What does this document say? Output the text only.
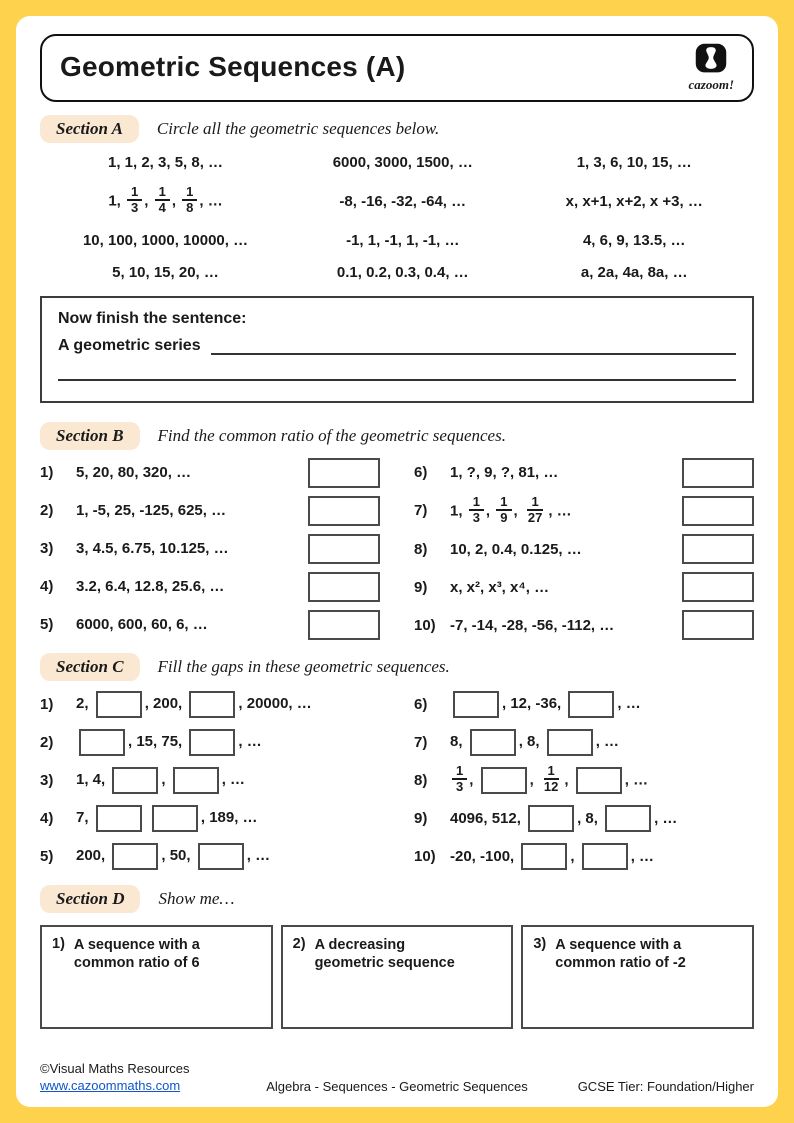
Geometric Sequences (A)
cazoom!
Section A	Circle all the geometric sequences below.
1, 1, 2, 3, 5, 8, …	6000, 3000, 1500, …	1, 3, 6, 10, 15, …
1, $\frac{1}{3}$ , $\frac{1}{4}$ , $\frac{1}{8}$ , …	-8, -16, -32, -64, …	x, x+1, x+2, x +3, …
10, 100, 1000, 10000, …	-1, 1, -1, 1, -1, …	4, 6, 9, 13.5, …
5, 10, 15, 20, …	0.1, 0.2, 0.3, 0.4, …	a, 2a, 4a, 8a, …
Now finish the sentence:
A geometric series
Section B	Find the common ratio of the geometric sequences.
1)	5, 20, 80, 320, …
2)	1, -5, 25, -125, 625, …
3)	3, 4.5, 6.75, 10.125, …
4)	3.2, 6.4, 12.8, 25.6, …
5)	6000, 600, 60, 6, …
6)	1, ?, 9, ?, 81, …
7)	1, $\frac{1}{3}$ , $\frac{1}{9}$ , $\frac{1}{27}$ , …
8)	10, 2, 0.4, 0.125, …
9)	x, x², x³, x⁴, …
10) -7, -14, -28, -56, -112, …
Section C	Fill the gaps in these geometric sequences.
1)	2,	, 200,	, 20000, …
2)	, 15, 75,	, …
3)	1, 4,	,	, …
4)	7,	, 189, …
5)	200,	, 50,	, …
6)	, 12, -36,	, …
7)	8,	, 8,	, …
8)	$\frac{1}{3}$ ,	, $\frac{1}{12}$ ,	, …
9)	4096, 512,	, 8,	, …
10) -20, -100,	,	, …
Section D	Show me…
1) A sequence with a common ratio of 6
2) A decreasing geometric sequence
3) A sequence with a common ratio of -2
©Visual Maths Resources
www.cazoommaths.com	Algebra - Sequences - Geometric Sequences	GCSE Tier: Foundation/Higher
